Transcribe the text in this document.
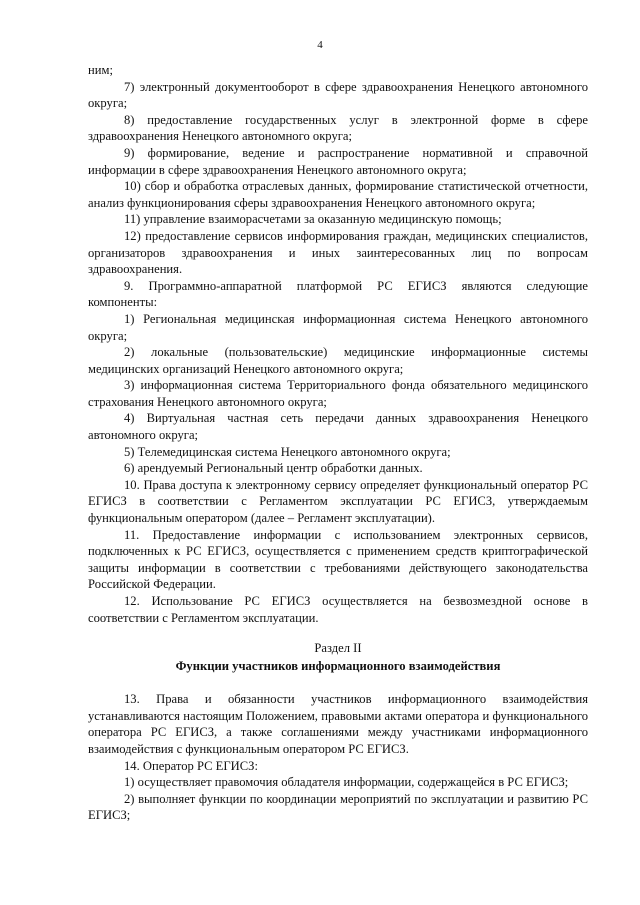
4

ним;

7) электронный документооборот в сфере здравоохранения Ненецкого автономного округа;

8) предоставление государственных услуг в электронной форме в сфере здравоохранения Ненецкого автономного округа;

9) формирование, ведение и распространение нормативной и справочной информации в сфере здравоохранения Ненецкого автономного округа;

10) сбор и обработка отраслевых данных, формирование статистической отчетности, анализ функционирования сферы здравоохранения Ненецкого автономного округа;

11) управление взаиморасчетами за оказанную медицинскую помощь;

12) предоставление сервисов информирования граждан, медицинских специалистов, организаторов здравоохранения и иных заинтересованных лиц по вопросам здравоохранения.

9. Программно-аппаратной платформой РС ЕГИСЗ являются следующие компоненты:

1) Региональная медицинская информационная система Ненецкого автономного округа;

2) локальные (пользовательские) медицинские информационные системы медицинских организаций Ненецкого автономного округа;

3) информационная система Территориального фонда обязательного медицинского страхования Ненецкого автономного округа;

4) Виртуальная частная сеть передачи данных здравоохранения Ненецкого автономного округа;

5) Телемедицинская система Ненецкого автономного округа;

6) арендуемый Региональный центр обработки данных.

10. Права доступа к электронному сервису определяет функциональный оператор РС ЕГИСЗ в соответствии с Регламентом эксплуатации РС ЕГИСЗ, утверждаемым функциональным оператором (далее – Регламент эксплуатации).

11. Предоставление информации с использованием электронных сервисов, подключенных к РС ЕГИСЗ, осуществляется с применением средств криптографической защиты информации в соответствии с требованиями действующего законодательства Российской Федерации.

12. Использование РС ЕГИСЗ осуществляется на безвозмездной основе в соответствии с Регламентом эксплуатации.

Раздел II

Функции участников информационного взаимодействия

13. Права и обязанности участников информационного взаимодействия устанавливаются настоящим Положением, правовыми актами оператора и функционального оператора РС ЕГИСЗ, а также соглашениями между участниками информационного взаимодействия с функциональным оператором РС ЕГИСЗ.

14. Оператор РС ЕГИСЗ:

1) осуществляет правомочия обладателя информации, содержащейся в РС ЕГИСЗ;

2) выполняет функции по координации мероприятий по эксплуатации и развитию РС ЕГИСЗ;
